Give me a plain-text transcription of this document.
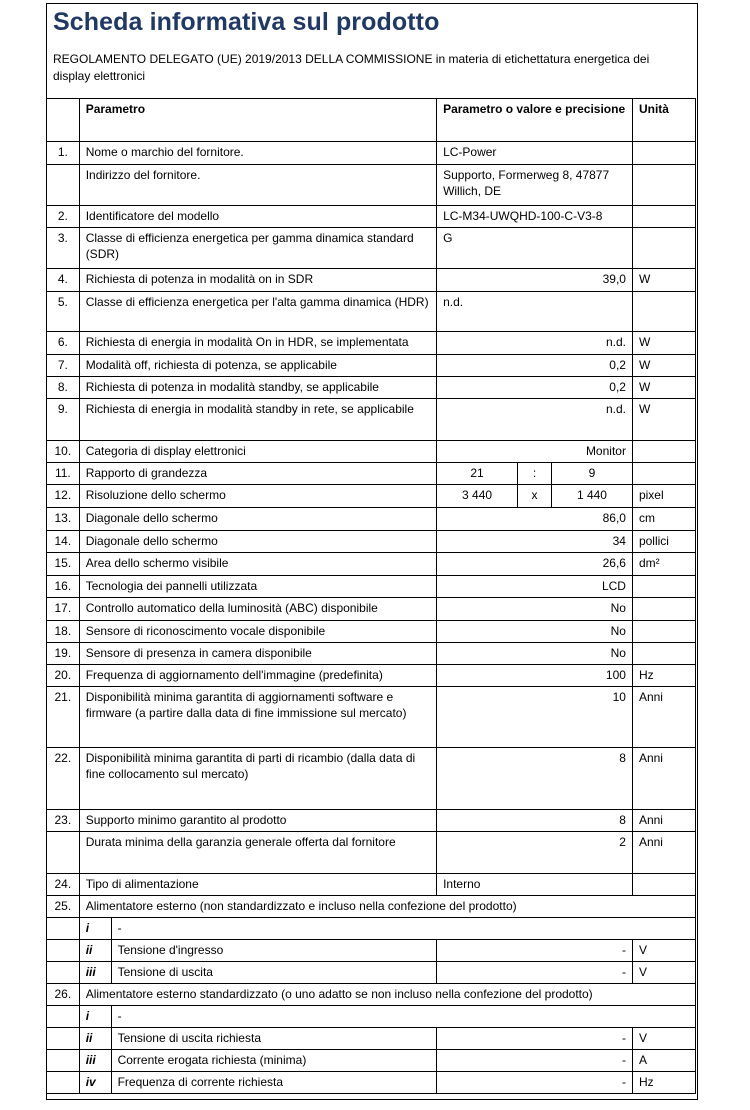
Scheda informativa sul prodotto
REGOLAMENTO DELEGATO (UE) 2019/2013 DELLA COMMISSIONE in materia di etichettatura energetica dei display elettronici
	Parametro		Parametro o valore e precisione			Unità
1.	Nome o marchio del fornitore.		LC-Power			
	Indirizzo del fornitore.		Supporto, Formerweg 8, 47877 Willich, DE			
2.	Identificatore del modello		LC-M34-UWQHD-100-C-V3-8			
3.	Classe di efficienza energetica per gamma dinamica standard (SDR)		G			
4.	Richiesta di potenza in modalità on in SDR		39,0			W
5.	Classe di efficienza energetica per l'alta gamma dinamica (HDR)		n.d.			
6.	Richiesta di energia in modalità On in HDR, se implementata		n.d.			W
7.	Modalità off, richiesta di potenza, se applicabile		0,2			W
8.	Richiesta di potenza in modalità standby, se applicabile		0,2			W
9.	Richiesta di energia in modalità standby in rete, se applicabile		n.d.			W
10.	Categoria di display elettronici		Monitor			
11.	Rapporto di grandezza		21	:	9	
12.	Risoluzione dello schermo		3 440	x	1 440	pixel
13.	Diagonale dello schermo		86,0			cm
14.	Diagonale dello schermo		34			pollici
15.	Area dello schermo visibile		26,6			dm²
16.	Tecnologia dei pannelli utilizzata		LCD			
17.	Controllo automatico della luminosità (ABC) disponibile		No			
18.	Sensore di riconoscimento vocale disponibile		No			
19.	Sensore di presenza in camera disponibile		No			
20.	Frequenza di aggiornamento dell'immagine (predefinita)		100			Hz
21.	Disponibilità minima garantita di aggiornamenti software e firmware (a partire dalla data di fine immissione sul mercato)		10			Anni
22.	Disponibilità minima garantita di parti di ricambio (dalla data di fine collocamento sul mercato)		8			Anni
23.	Supporto minimo garantito al prodotto		8			Anni
	Durata minima della garanzia generale offerta dal fornitore		2			Anni
24.	Tipo di alimentazione		Interno			
25.	Alimentatore esterno (non standardizzato e incluso nella confezione del prodotto)					
	i	-				
	ii	Tensione d'ingresso	-			V
	iii	Tensione di uscita	-			V
26.	Alimentatore esterno standardizzato (o uno adatto se non incluso nella confezione del prodotto)					
	i	-				
	ii	Tensione di uscita richiesta	-			V
	iii	Corrente erogata richiesta (minima)	-			A
	iv	Frequenza di corrente richiesta	-			Hz
